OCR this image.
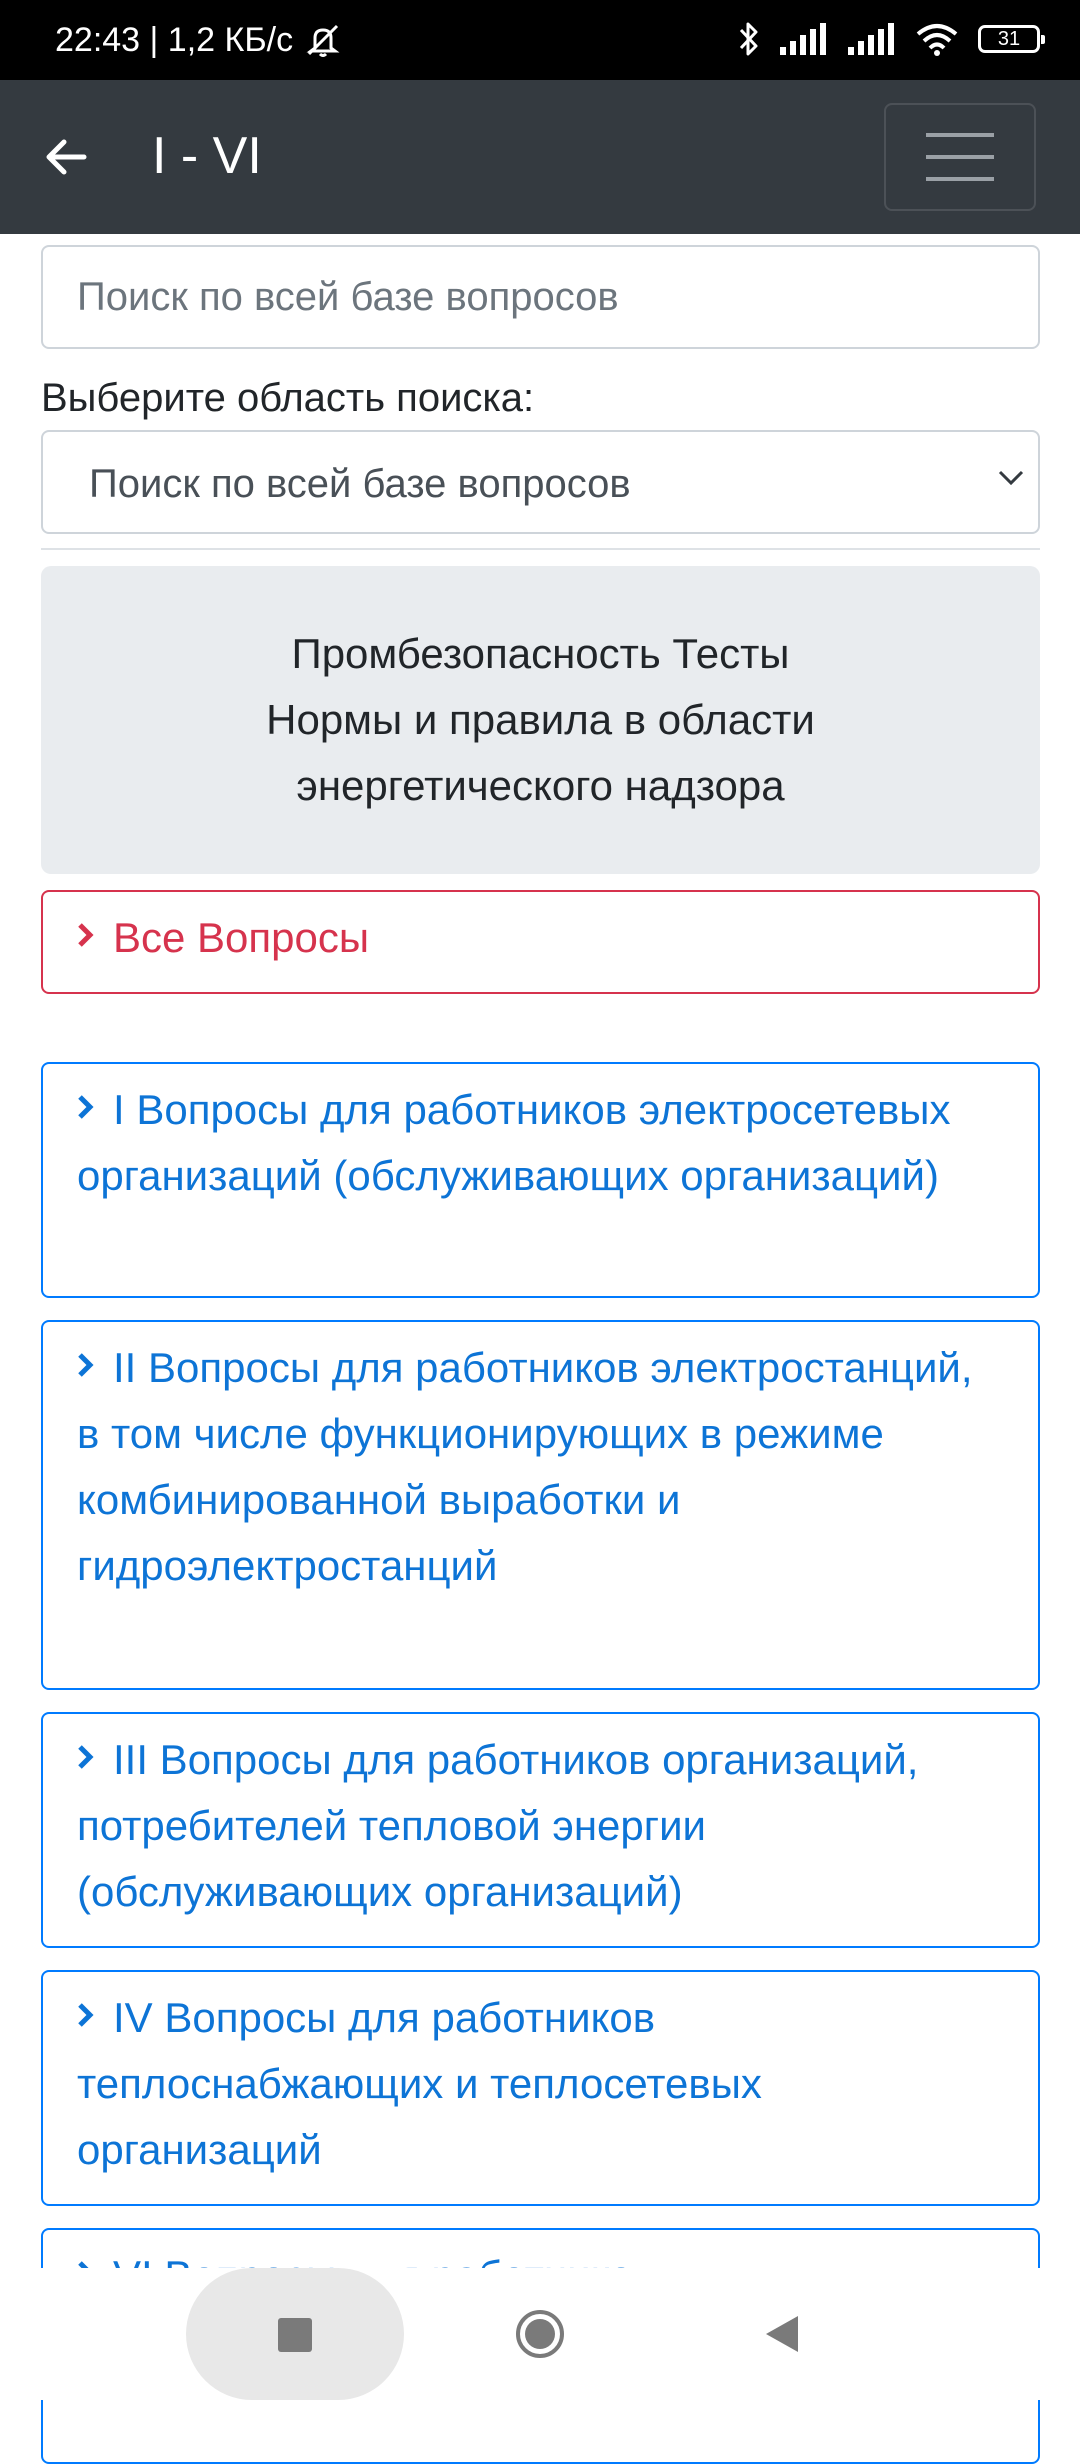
22:43 | 1,2 КБ/с	31
I - VI
Поиск по всей базе вопросов
Выберите область поиска:
Поиск по всей базе вопросов
Промбезопасность Тесты
Нормы и правила в области
энергетического надзора
Все Вопросы
I Вопросы для работников электросетевых организаций (обслуживающих организаций)
II Вопросы для работников электростанций, в том числе функционирующих в режиме комбинированной выработки и гидроэлектростанций
III Вопросы для работников организаций, потребителей тепловой энергии (обслуживающих организаций)
IV Вопросы для работников теплоснабжающих и теплосетевых организаций
